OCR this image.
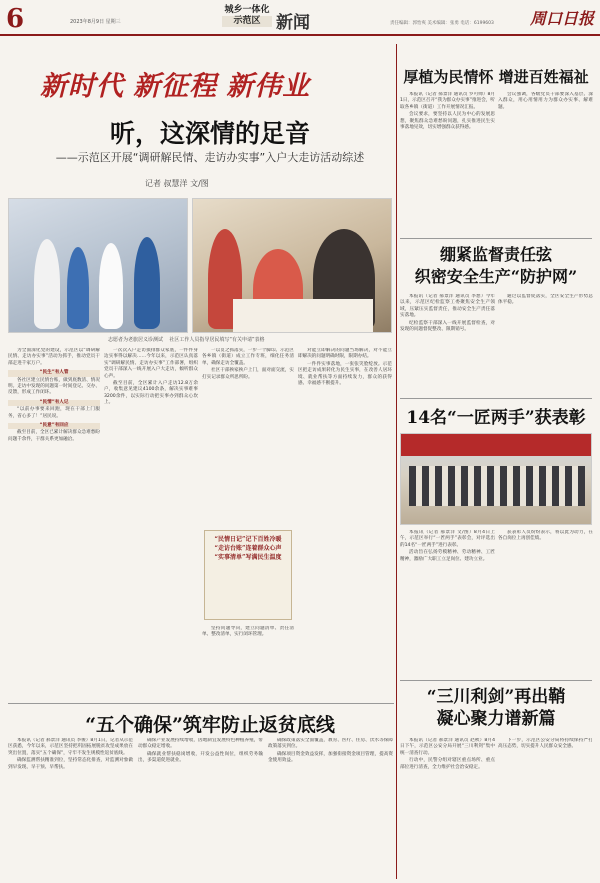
6	2023年8月9日 星期三
城乡一体化
示范区 新闻	责任编辑：郭怡爽 美术编辑：张勇 电话：6199603 周口日报
新时代 新征程 新伟业
听，这深情的足音
——示范区开展“调研解民情、走访办实事”入户大走访活动综述
记者 叔慧洋 文/图
志愿者为老旅居义诊测试 社区工作人员指导居民填写“有关申请”表格

为全面深化党的建设，示范区以“调研解民情、走访办实事”活动为抓手，推动党员干部走进千家万户。

“民生”有人管

各社区建立民情台账，做到底数清、情况明。走访中发现的问题第一时间登记、交办、反馈，形成工作闭环。

“民情”有人记

“以前办事要来回跑，现在干部上门服务，省心多了！”居民说。

“民意”有回应

截至目前，全区已累计解决群众急难愁盼问题千余件，干群关系更加融洽。

一次次入户走访摸排群众家底，一件件身边实事得以解决……今年以来，示范区认真落实“调研解民情、走访办实事”工作部署，组织党员干部深入一线开展入户大走访，倾听群众心声。

截至目前，全区累计入户走访12.8万余户，收集意见建议4100余条，解决实事难事3200余件，以实际行动把实事办到群众心坎上。

一以贯之抓落实，一步一个脚印。示范区各乡镇（街道）成立工作专班，细化任务清单，确保走访全覆盖。

社区干部挨家挨户上门，面对面交流，实打实记录群众所思所盼。

“民情日记”记下百姓冷暖 “走访台账”连着群众心声 “实事清单”写满民生温度

坚持问题导向，建立问题清单、责任清单、整改清单，实行闭环管理。

对能立即解决的问题当场解决，对不能立即解决的问题明确时限，限期办结。

一件件实事落地，一张张笑脸绽放。示范区把走访成果转化为民生实事，在改善人居环境、就业帮扶等方面持续发力，群众的获得感、幸福感不断提升。

“五个确保”筑牢防止返贫底线

本报讯（记者 郝景洋 通讯员 李俊）8月1日，记者从示范区获悉，今年以来，示范区坚持把巩固拓展脱贫攻坚成果放在突出位置，落实“五个确保”，守牢不发生规模性返贫底线。

确保监测帮扶精准到位，坚持常态化排查，对监测对象做到早发现、早干预、早帮扶。

确保产业发展持续增收，因地制宜发展特色种植养殖，带动群众稳定增收。

确保就业帮扶稳岗增收，开发公益性岗位，组织劳务输出，多渠道促进就业。

确保政策落实全面覆盖，教育、医疗、住房、饮水等保障政策落实到位。

确保项目资金效益发挥，加强衔接资金项目管理，提高资金使用效益。

厚植为民情怀 增进百姓福祉

本报讯（记者 郝景洋 通讯员 罗可帅）8月1日，示范区召开“我为群众办实事”推进会，听取各乡镇（街道）工作开展情况汇报。

会议要求，要坚持以人民为中心的发展思想，聚焦群众急难愁盼问题，扎实推进民生实事落地见效，切实增强群众获得感。

会议强调，各级党员干部要深入基层、深入群众，用心用情用力为群众办实事、解难题。

绷紧监督责任弦
织密安全生产“防护网”

本报讯（记者 郝景洋 通讯员 李想）今年以来，示范区纪检监察工委聚焦安全生产领域，压紧压实监督责任，推动安全生产责任落实落地。

纪检监察干部深入一线开展监督检查，对发现的问题督促整改、限期销号。

通过以监督促落实，全区安全生产形势总体平稳。

14名“一匠两手”获表彰

本报讯（记者 郝景洋 文/图）8月4日上午，示范区举行“一匠两手”表彰会，对评选出的14名“一匠两手”进行表彰。

活动旨在弘扬劳模精神、劳动精神、工匠精神，激励广大职工立足岗位、建功立业。

获表彰人员纷纷表示，将以此为动力，在各自岗位上再创佳绩。

“三川利剑”再出鞘
凝心聚力谱新篇

本报讯（记者 郝景洋 通讯员 赵秋）8月4日下午，示范区公安分局开展“三川利剑”集中统一清查行动。

行动中，民警分组对辖区重点场所、重点部位进行清查，全力维护社会治安稳定。

下一步，示范区公安分局将持续保持严打高压态势，切实提升人民群众安全感。
